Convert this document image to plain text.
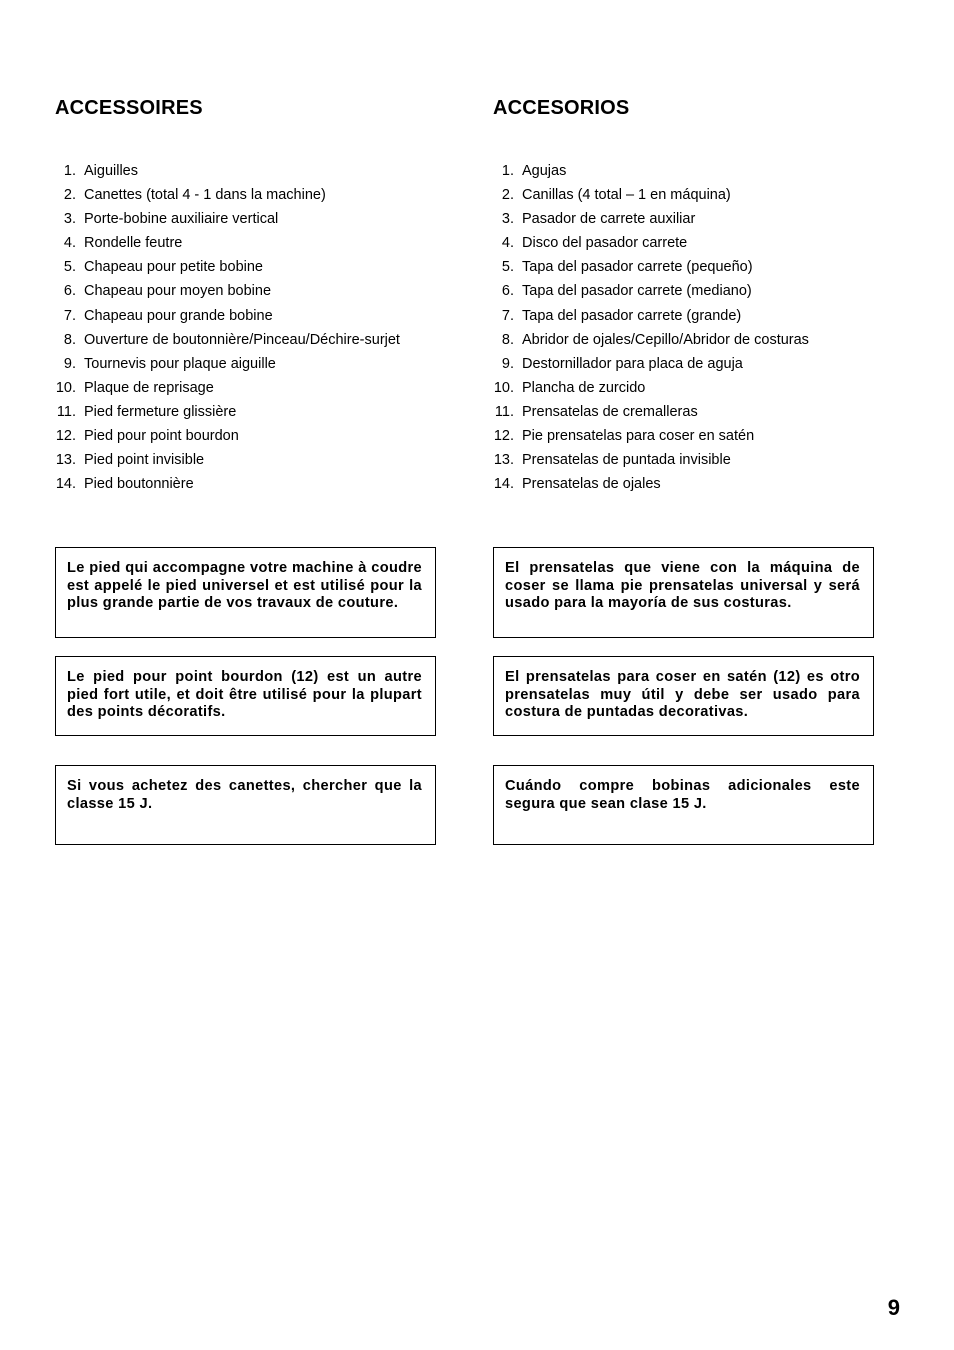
ACCESSOIRES
1. Aiguilles
2. Canettes (total 4 - 1 dans la machine)
3. Porte-bobine auxiliaire vertical
4. Rondelle feutre
5. Chapeau pour petite bobine
6. Chapeau pour moyen bobine
7. Chapeau pour grande bobine
8. Ouverture de boutonnière/Pinceau/Déchire-surjet
9. Tournevis pour plaque aiguille
10. Plaque de reprisage
11. Pied fermeture glissière
12. Pied pour point bourdon
13. Pied point invisible
14. Pied boutonnière
Le pied qui accompagne votre machine à coudre est appelé le pied universel et est utilisé pour la plus grande partie de vos travaux de couture.
Le pied pour point bourdon (12) est un autre pied fort utile, et doit être utilisé pour la plupart des points décoratifs.
Si vous achetez des canettes, chercher que la classe 15 J.
ACCESORIOS
1. Agujas
2. Canillas (4 total – 1 en máquina)
3. Pasador de carrete auxiliar
4. Disco del pasador carrete
5. Tapa del pasador carrete (pequeño)
6. Tapa del pasador carrete (mediano)
7. Tapa del pasador carrete (grande)
8. Abridor de ojales/Cepillo/Abridor de costuras
9. Destornillador para placa de aguja
10. Plancha de zurcido
11. Prensatelas de cremalleras
12. Pie prensatelas para coser en satén
13. Prensatelas de puntada invisible
14. Prensatelas de ojales
El prensatelas que viene con la máquina de coser se llama pie prensatelas universal y será usado para la mayoría de sus costuras.
El prensatelas para coser en satén (12) es otro prensatelas muy útil y debe ser usado para costura de puntadas decorativas.
Cuándo compre bobinas adicionales este segura que sean clase 15 J.
9
